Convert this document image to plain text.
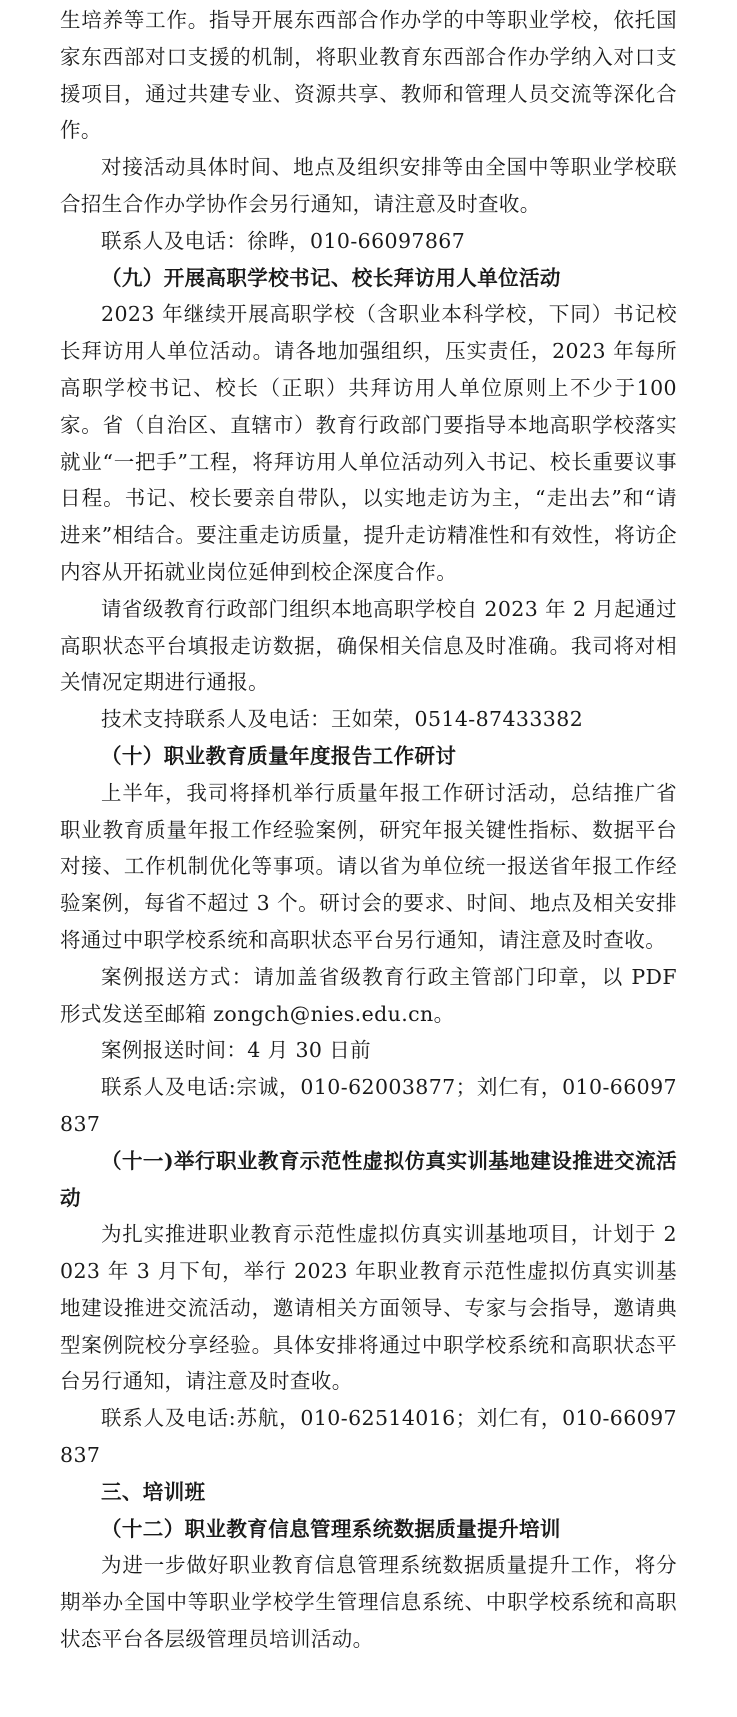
生培养等工作。指导开展东西部合作办学的中等职业学校，依托国家东西部对口支援的机制，将职业教育东西部合作办学纳入对口支援项目，通过共建专业、资源共享、教师和管理人员交流等深化合作。

对接活动具体时间、地点及组织安排等由全国中等职业学校联合招生合作办学协作会另行通知，请注意及时查收。

联系人及电话：徐晔，010-66097867

（九）开展高职学校书记、校长拜访用人单位活动

2023 年继续开展高职学校（含职业本科学校，下同）书记校长拜访用人单位活动。请各地加强组织，压实责任，2023 年每所高职学校书记、校长（正职）共拜访用人单位原则上不少于100 家。省（自治区、直辖市）教育行政部门要指导本地高职学校落实就业“一把手”工程，将拜访用人单位活动列入书记、校长重要议事日程。书记、校长要亲自带队，以实地走访为主，“走出去”和“请进来”相结合。要注重走访质量，提升走访精准性和有效性，将访企内容从开拓就业岗位延伸到校企深度合作。

请省级教育行政部门组织本地高职学校自 2023 年 2 月起通过高职状态平台填报走访数据，确保相关信息及时准确。我司将对相关情况定期进行通报。

技术支持联系人及电话：王如荣，0514-87433382

（十）职业教育质量年度报告工作研讨

上半年，我司将择机举行质量年报工作研讨活动，总结推广省职业教育质量年报工作经验案例，研究年报关键性指标、数据平台对接、工作机制优化等事项。请以省为单位统一报送省年报工作经验案例，每省不超过 3 个。研讨会的要求、时间、地点及相关安排将通过中职学校系统和高职状态平台另行通知，请注意及时查收。

案例报送方式：请加盖省级教育行政主管部门印章，以 PDF 形式发送至邮箱 zongch@nies.edu.cn。

案例报送时间：4 月 30 日前

联系人及电话:宗诚，010-62003877；刘仁有，010-66097837

（十一)举行职业教育示范性虚拟仿真实训基地建设推进交流活动

为扎实推进职业教育示范性虚拟仿真实训基地项目，计划于 2023 年 3 月下旬，举行 2023 年职业教育示范性虚拟仿真实训基地建设推进交流活动，邀请相关方面领导、专家与会指导，邀请典型案例院校分享经验。具体安排将通过中职学校系统和高职状态平台另行通知，请注意及时查收。

联系人及电话:苏航，010-62514016；刘仁有，010-66097837

三、培训班

（十二）职业教育信息管理系统数据质量提升培训

为进一步做好职业教育信息管理系统数据质量提升工作，将分期举办全国中等职业学校学生管理信息系统、中职学校系统和高职状态平台各层级管理员培训活动。
